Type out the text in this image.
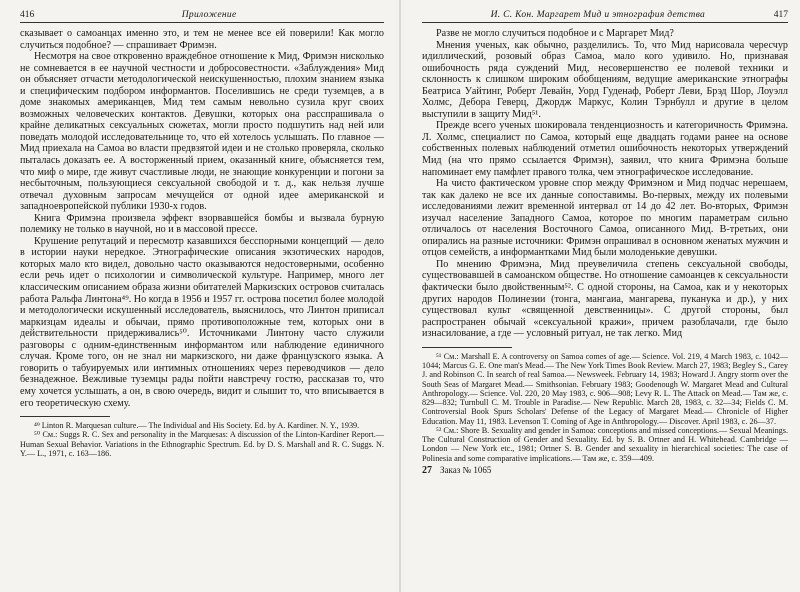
416	Приложение

сказывает о самоанцах именно это, и тем не менее все ей поверили! Как могло случиться подобное? — спрашивает Фримэн.

Несмотря на свое откровенно враждебное отношение к Мид, Фримэн нисколько не сомневается в ее научной честности и добросовестности. «Заблуждения» Мид он объясняет отчасти методологической неискушенностью, плохим знанием языка и специфическим подбором информантов. Поселившись не среди туземцев, а в доме знакомых американцев, Мид тем самым невольно сузила круг своих возможных человеческих контактов. Девушки, которых она расспрашивала о крайне деликатных сексуальных сюжетах, могли просто подшутить над ней или поведать молодой исследовательнице то, что ей хотелось услышать. По главное — Мид приехала на Самоа во власти предвзятой идеи и не столько проверяла, сколько пыталась доказать ее. А восторженный прием, оказанный книге, объясняется тем, что миф о мире, где живут счастливые люди, не знающие конкуренции и погони за несбыточным, пользующиеся сексуальной свободой и т. д., как нельзя лучше отвечал духовным запросам мечущейся от одной идее американской и западноевропейской публики 1930-х годов.

Книга Фримэна произвела эффект взорвавшейся бомбы и вызвала бурную полемику не только в научной, но и в массовой прессе.

Крушение репутаций и пересмотр казавшихся бесспорными концепций — дело в истории науки нередкое. Этнографические описания экзотических народов, которых мало кто видел, довольно часто оказываются недостоверными, особенно если речь идет о психологии и символической культуре. Например, много лет классическим описанием образа жизни обитателей Маркизских островов считалась работа Ральфа Линтона⁴⁹. Но когда в 1956 и 1957 гг. острова посетил более молодой и методологически искушенный исследователь, выяснилось, что Линтон приписал маркизцам идеалы и обычаи, прямо противоположные тем, которых они в действительности придерживались⁵⁰. Источниками Линтону часто служили разговоры с одним-единственным информантом или наблюдение единичного случая. Кроме того, он не знал ни маркизского, ни даже французского языка. А говорить о табуируемых или интимных отношениях через переводчиков — дело безнадежное. Вежливые туземцы рады пойти навстречу гостю, рассказав то, что ему хочется услышать, а он, в свою очередь, видит и слышит то, что вписывается в его теоретическую схему.

⁴⁹ Linton R. Marquesan culture.— The Individual and His Society. Ed. by A. Kardiner. N. Y., 1939.

⁵⁰ См.: Suggs R. C. Sex and personality in the Marquesas: A discussion of the Linton-Kardiner Report.— Human Sexual Behavior. Variations in the Ethnographic Spectrum. Ed. by D. S. Marshall and R. C. Suggs. N. Y.— L., 1971, c. 163—186.

И. С. Кон. Маргарет Мид и этнография детства	417

Разве не могло случиться подобное и с Маргарет Мид?

Мнения ученых, как обычно, разделились. То, что Мид нарисовала чересчур идиллический, розовый образ Самоа, мало кого удивило. Но, признавая ошибочность ряда суждений Мид, несовершенство ее полевой техники и склонность к слишком широким обобщениям, ведущие американские этнографы Беатриса Уайтинг, Роберт Левайн, Уорд Гуденаф, Роберт Леви, Брэд Шор, Лоуэлл Холмс, Дебора Геверц, Джордж Маркус, Колин Тэрнбулл и другие в целом выступили в защиту Мид⁵¹.

Прежде всего ученых шокировала тенденциозность и категоричность Фримэна. Л. Холмс, специалист по Самоа, который еще двадцать годами ранее на основе собственных полевых наблюдений отметил ошибочность некоторых утверждений Мид (на что прямо ссылается Фримэн), заявил, что книга Фримэна больше напоминает ему памфлет правого толка, чем этнографическое исследование.

На чисто фактическом уровне спор между Фримэном и Мид подчас нерешаем, так как далеко не все их данные сопоставимы. Во-первых, между их полевыми исследованиями лежит временной интервал от 14 до 42 лет. Во-вторых, Фримэн изучал население Западного Самоа, которое по многим параметрам сильно отличалось от населения Восточного Самоа, описанного Мид. В-третьих, они опирались на разные источники: Фримэн опрашивал в основном женатых мужчин и отцов семейств, а информантками Мид были молоденькие девушки.

По мнению Фримэна, Мид преувеличила степень сексуальной свободы, существовавшей в самоанском обществе. Но отношение самоанцев к сексуальности фактически было двойственным⁵². С одной стороны, на Самоа, как и у некоторых других народов Полинезии (тонга, мангаиа, мангарева, пуканука и др.), у них существовал культ «священной девственницы». С другой стороны, был распространен обычай «сексуальной кражи», причем разоблачали, где было изнасилование, а где — условный ритуал, не так легко. Мид

⁵¹ См.: Marshall E. A controversy on Samoa comes of age.— Science. Vol. 219, 4 March 1983, c. 1042—1044; Marcus G. E. One man's Mead.— The New York Times Book Review. March 27, 1983; Begley S., Carey J. and Robinson C. In search of real Samoa.— Newsweek. February 14, 1983; Howard J. Angry storm over the South Seas of Margaret Mead.— Smithsonian. February 1983; Goodenough W. Margaret Mead and Cultural Anthropology.— Science. Vol. 220, 20 May 1983, c. 906—908; Levy R. L. The Attack on Mead.— Там же, c. 829—832; Turnbull C. M. Trouble in Paradise.— New Republic. March 28, 1983, c. 32—34; Fields C. M. Controversial Book Spurs Scholars' Defense of the Legacy of Margaret Mead.— Chronicle of Higher Education. May 11, 1983. Levenson T. Coming of Age in Anthropology.— Discover. April 1983, c. 26—37.

⁵² См.: Shore B. Sexuality and gender in Samoa: conceptions and missed conceptions.— Sexual Meanings. The Cultural Construction of Gender and Sexuality. Ed. by S. B. Ortner and H. Whitehead. Cambridge — London — New York etc., 1981; Ortner S. B. Gender and sexuality in hierarchical societies: The case of Polinesia and some comparative implications.— Там же, c. 359—409.

27 Заказ № 1065
